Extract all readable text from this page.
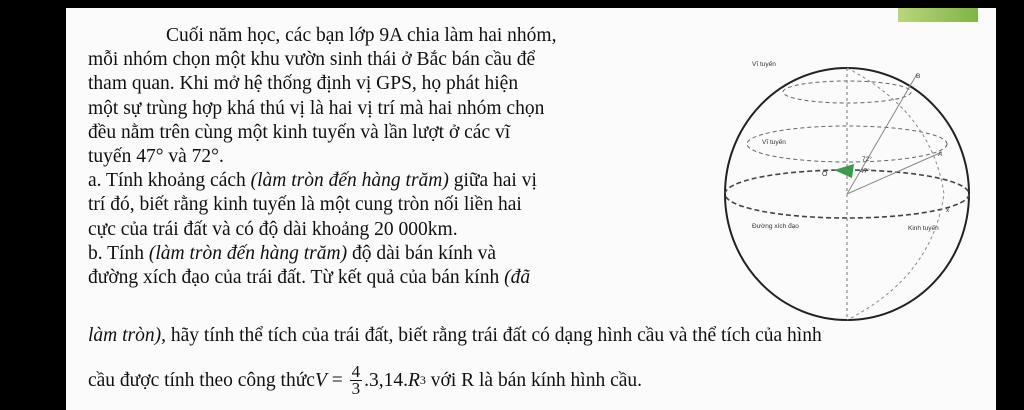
Cuối năm học, các bạn lớp 9A chia làm hai nhóm,
mỗi nhóm chọn một khu vườn sinh thái ở Bắc bán cầu để
tham quan. Khi mở hệ thống định vị GPS, họ phát hiện
một sự trùng hợp khá thú vị là hai vị trí mà hai nhóm chọn
đều nằm trên cùng một kinh tuyến và lần lượt ở các vĩ
tuyến 47° và 72°.
a. Tính khoảng cách (làm tròn đến hàng trăm) giữa hai vị
trí đó, biết rằng kinh tuyến là một cung tròn nối liền hai
cực của trái đất và có độ dài khoảng 20 000km.
b. Tính (làm tròn đến hàng trăm) độ dài bán kính và
đường xích đạo của trái đất. Từ kết quả của bán kính (đã
làm tròn), hãy tính thể tích của trái đất, biết rằng trái đất có dạng hình cầu và thể tích của hình
cầu được tính theo công thức $V = \frac{4}{3} .3,14$. R 3 với R là bán kính hình cầu.
Vĩ tuyến
Vĩ tuyến
Đường xích đạo	Kinh tuyến
O
72°
47°
B
A
x
